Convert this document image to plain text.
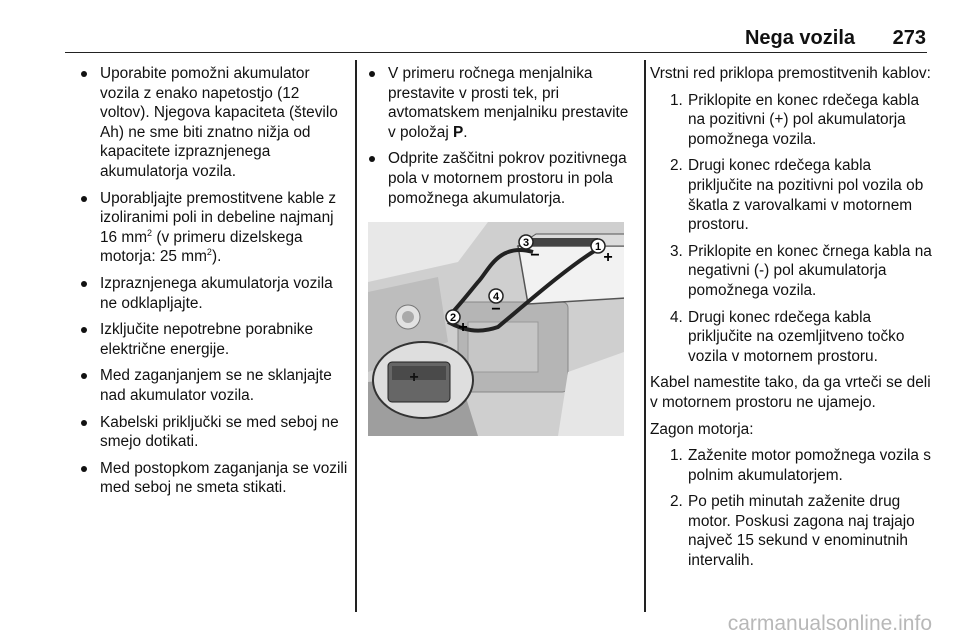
Nega vozila 273
Uporabite pomožni akumulator vozila z enako napetostjo (12 voltov). Njegova kapaciteta (število Ah) ne sme biti znatno nižja od kapacitete izpraznjenega akumulatorja vozila.
Uporabljajte premostitvene kable z izoliranimi poli in debeline najmanj 16 $mm^2$ (v primeru dizelskega motorja: 25 $mm^2$).
Izpraznjenega akumulatorja vozila ne odklapljajte.
Izključite nepotrebne porabnike električne energije.
Med zaganjanjem se ne sklanjajte nad akumulator vozila.
Kabelski priključki se med seboj ne smejo dotikati.
Med postopkom zaganjanja se vozili med seboj ne smeta stikati.
V primeru ročnega menjalnika prestavite v prosti tek, pri avtomatskem menjalniku prestavite v položaj P.
Odprite zaščitni pokrov pozitivnega pola v motornem prostoru in pola pomožnega akumulatorja.
1
2
3
4
+
−
+
−
+

Vrstni red priklopa premostitvenih kablov:

1. Priklopite en konec rdečega kabla na pozitivni (+) pol akumulatorja pomožnega vozila.
2. Drugi konec rdečega kabla priključite na pozitivni pol vozila ob škatla z varovalkami v motornem prostoru.
3. Priklopite en konec črnega kabla na negativni (-) pol akumulatorja pomožnega vozila.
4. Drugi konec rdečega kabla priključite na ozemljitveno točko vozila v motornem prostoru.

Kabel namestite tako, da ga vrteči se deli v motornem prostoru ne ujamejo.

Zagon motorja:

1. Zaženite motor pomožnega vozila s polnim akumulatorjem.
2. Po petih minutah zaženite drug motor. Poskusi zagona naj trajajo največ 15 sekund v enominutnih intervalih.
carmanualsonline.info
